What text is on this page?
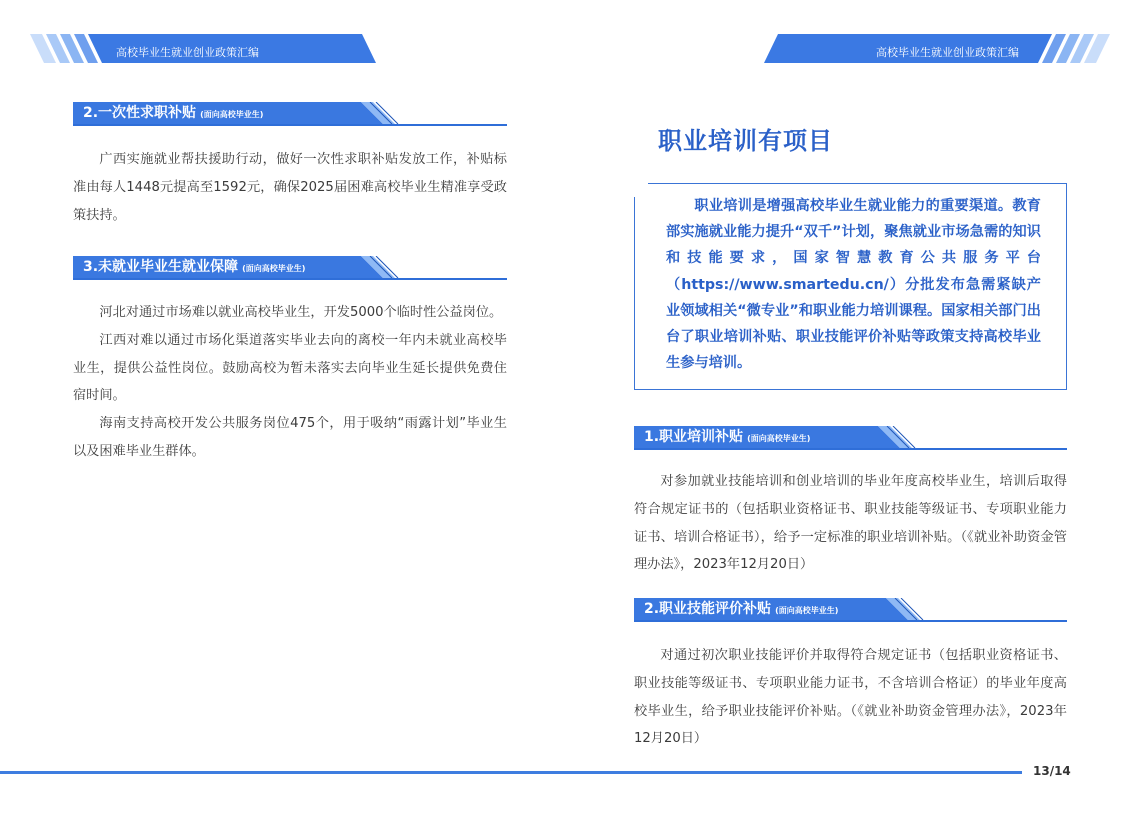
高校毕业生就业创业政策汇编	高校毕业生就业创业政策汇编
2.一次性求职补贴 (面向高校毕业生)

广西实施就业帮扶援助行动，做好一次性求职补贴发放工作，补贴标准由每人1448元提高至1592元，确保2025届困难高校毕业生精准享受政策扶持。

3.未就业毕业生就业保障 (面向高校毕业生)

河北对通过市场难以就业高校毕业生，开发5000个临时性公益岗位。

江西对难以通过市场化渠道落实毕业去向的离校一年内未就业高校毕业生，提供公益性岗位。鼓励高校为暂未落实去向毕业生延长提供免费住宿时间。

海南支持高校开发公共服务岗位475个，用于吸纳“雨露计划”毕业生以及困难毕业生群体。

职业培训有项目

职业培训是增强高校毕业生就业能力的重要渠道。教育部实施就业能力提升“双千”计划，聚焦就业市场急需的知识和技能要求，国家智慧教育公共服务平台（https://www.smartedu.cn/）分批发布急需紧缺产业领域相关“微专业”和职业能力培训课程。国家相关部门出台了职业培训补贴、职业技能评价补贴等政策支持高校毕业生参与培训。

1.职业培训补贴 (面向高校毕业生)

对参加就业技能培训和创业培训的毕业年度高校毕业生，培训后取得符合规定证书的（包括职业资格证书、职业技能等级证书、专项职业能力证书、培训合格证书），给予一定标准的职业培训补贴。（《就业补助资金管理办法》，2023年12月20日）

2.职业技能评价补贴 (面向高校毕业生)

对通过初次职业技能评价并取得符合规定证书（包括职业资格证书、职业技能等级证书、专项职业能力证书，不含培训合格证）的毕业年度高校毕业生，给予职业技能评价补贴。（《就业补助资金管理办法》，2023年12月20日）

13/14
